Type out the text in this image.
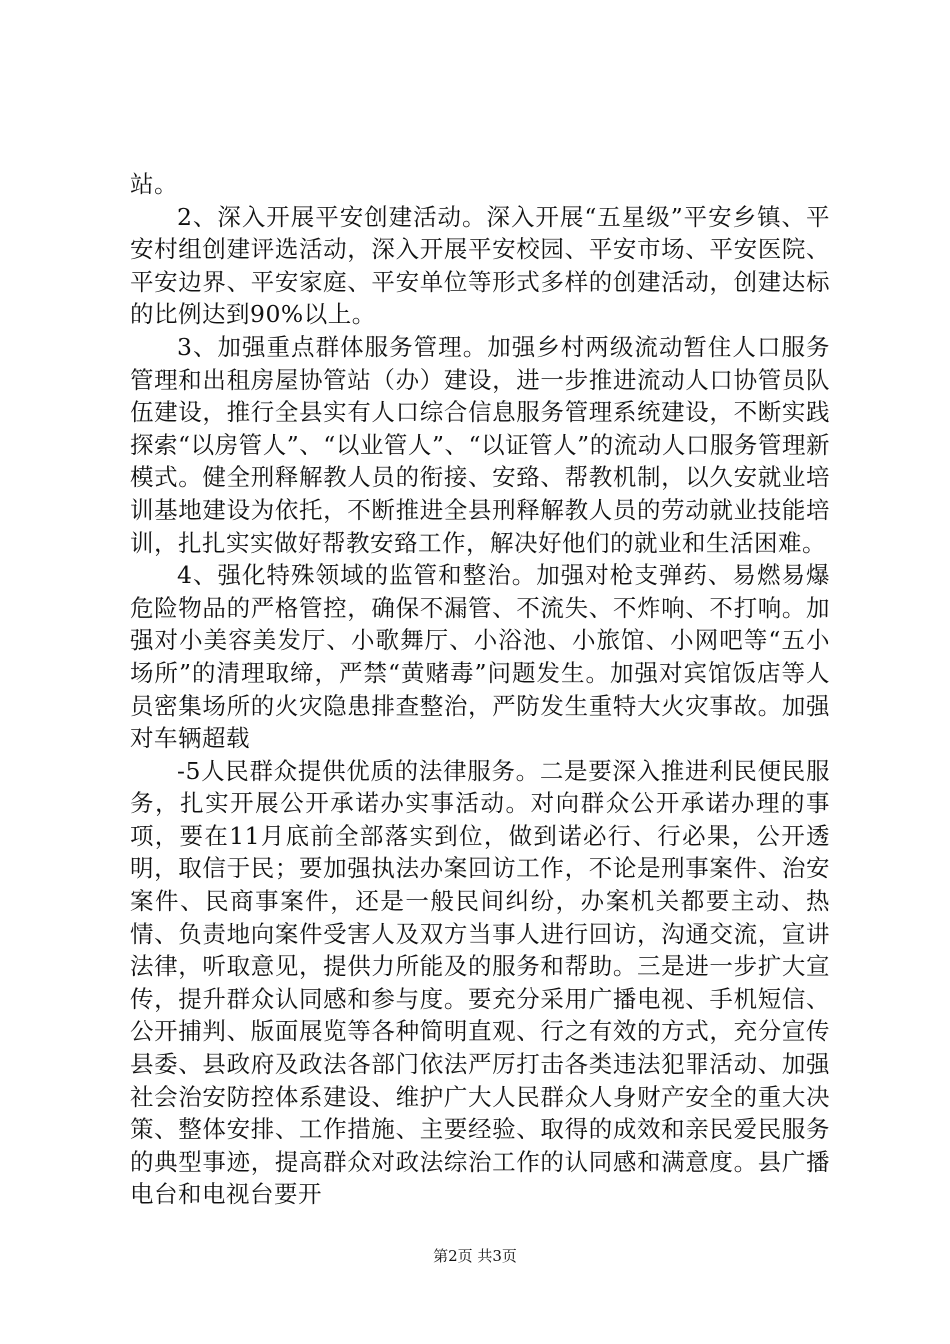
站。

2、深入开展平安创建活动。深入开展“五星级”平安乡镇、平安村组创建评选活动，深入开展平安校园、平安市场、平安医院、平安边界、平安家庭、平安单位等形式多样的创建活动，创建达标的比例达到90%以上。

3、加强重点群体服务管理。加强乡村两级流动暂住人口服务管理和出租房屋协管站（办）建设，进一步推进流动人口协管员队伍建设，推行全县实有人口综合信息服务管理系统建设，不断实践探索“以房管人”、“以业管人”、“以证管人”的流动人口服务管理新模式。健全刑释解教人员的衔接、安臵、帮教机制，以久安就业培训基地建设为依托，不断推进全县刑释解教人员的劳动就业技能培训，扎扎实实做好帮教安臵工作，解决好他们的就业和生活困难。

4、强化特殊领域的监管和整治。加强对枪支弹药、易燃易爆危险物品的严格管控，确保不漏管、不流失、不炸响、不打响。加强对小美容美发厅、小歌舞厅、小浴池、小旅馆、小网吧等“五小场所”的清理取缔，严禁“黄赌毒”问题发生。加强对宾馆饭店等人员密集场所的火灾隐患排查整治，严防发生重特大火灾事故。加强对车辆超载

-5人民群众提供优质的法律服务。二是要深入推进利民便民服务，扎实开展公开承诺办实事活动。对向群众公开承诺办理的事项，要在11月底前全部落实到位，做到诺必行、行必果，公开透明，取信于民；要加强执法办案回访工作，不论是刑事案件、治安案件、民商事案件，还是一般民间纠纷，办案机关都要主动、热情、负责地向案件受害人及双方当事人进行回访，沟通交流，宣讲法律，听取意见，提供力所能及的服务和帮助。三是进一步扩大宣传，提升群众认同感和参与度。要充分采用广播电视、手机短信、公开捕判、版面展览等各种简明直观、行之有效的方式，充分宣传县委、县政府及政法各部门依法严厉打击各类违法犯罪活动、加强社会治安防控体系建设、维护广大人民群众人身财产安全的重大决策、整体安排、工作措施、主要经验、取得的成效和亲民爱民服务的典型事迹，提高群众对政法综治工作的认同感和满意度。县广播电台和电视台要开

第2页 共3页
